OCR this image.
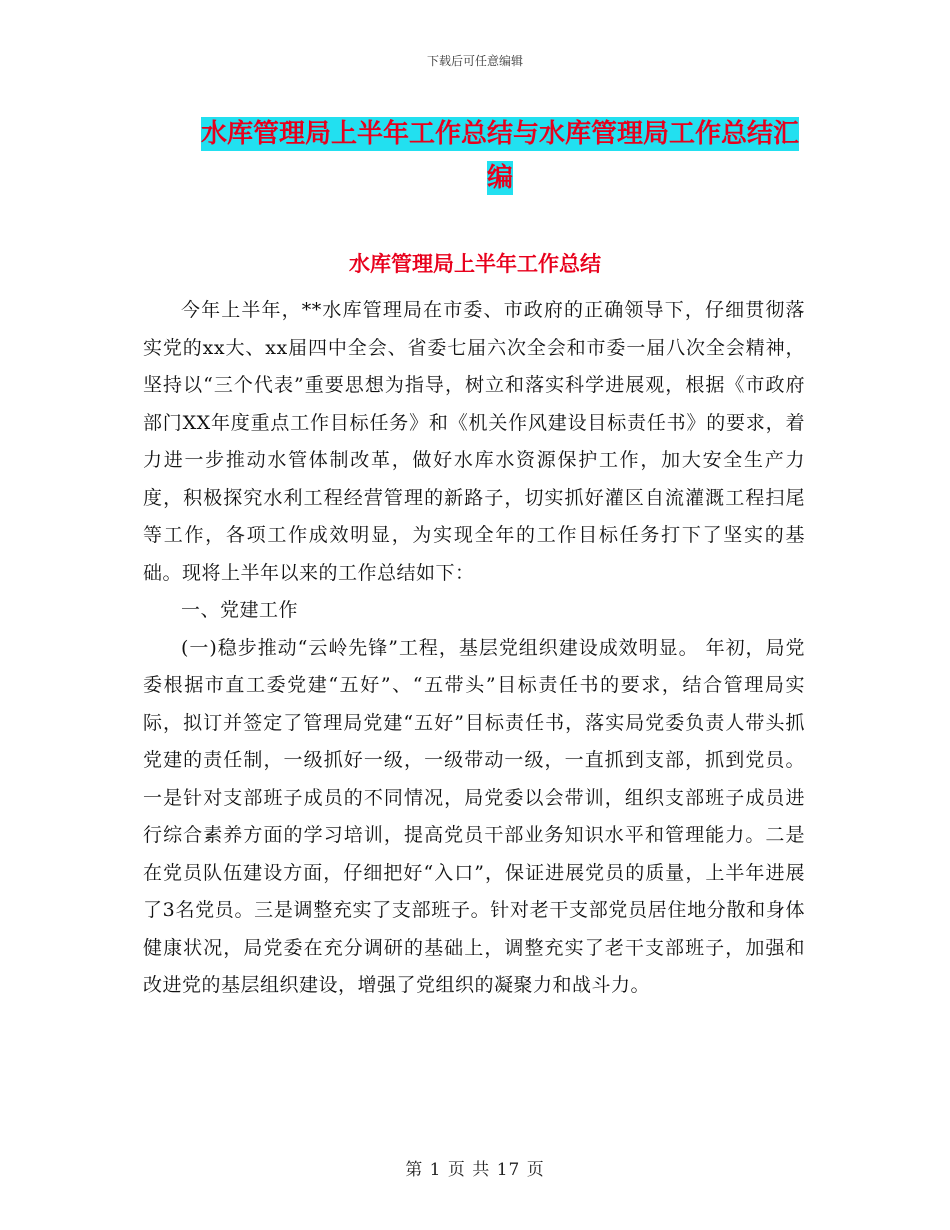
下载后可任意编辑
水库管理局上半年工作总结与水库管理局工作总结汇
编
水库管理局上半年工作总结

今年上半年，**水库管理局在市委、市政府的正确领导下，仔细贯彻落实党的xx大、xx届四中全会、省委七届六次全会和市委一届八次全会精神，坚持以“三个代表”重要思想为指导，树立和落实科学进展观，根据《市政府部门XX年度重点工作目标任务》和《机关作风建设目标责任书》的要求，着力进一步推动水管体制改革，做好水库水资源保护工作，加大安全生产力度，积极探究水利工程经营管理的新路子，切实抓好灌区自流灌溉工程扫尾等工作，各项工作成效明显，为实现全年的工作目标任务打下了坚实的基础。现将上半年以来的工作总结如下：

一、党建工作

(一)稳步推动“云岭先锋”工程，基层党组织建设成效明显。 年初，局党委根据市直工委党建“五好”、“五带头”目标责任书的要求，结合管理局实际，拟订并签定了管理局党建“五好”目标责任书，落实局党委负责人带头抓党建的责任制，一级抓好一级，一级带动一级，一直抓到支部，抓到党员。一是针对支部班子成员的不同情况，局党委以会带训，组织支部班子成员进行综合素养方面的学习培训，提高党员干部业务知识水平和管理能力。二是在党员队伍建设方面，仔细把好“入口”，保证进展党员的质量，上半年进展了3名党员。三是调整充实了支部班子。针对老干支部党员居住地分散和身体健康状况，局党委在充分调研的基础上，调整充实了老干支部班子，加强和改进党的基层组织建设，增强了党组织的凝聚力和战斗力。

第 1 页 共 17 页
